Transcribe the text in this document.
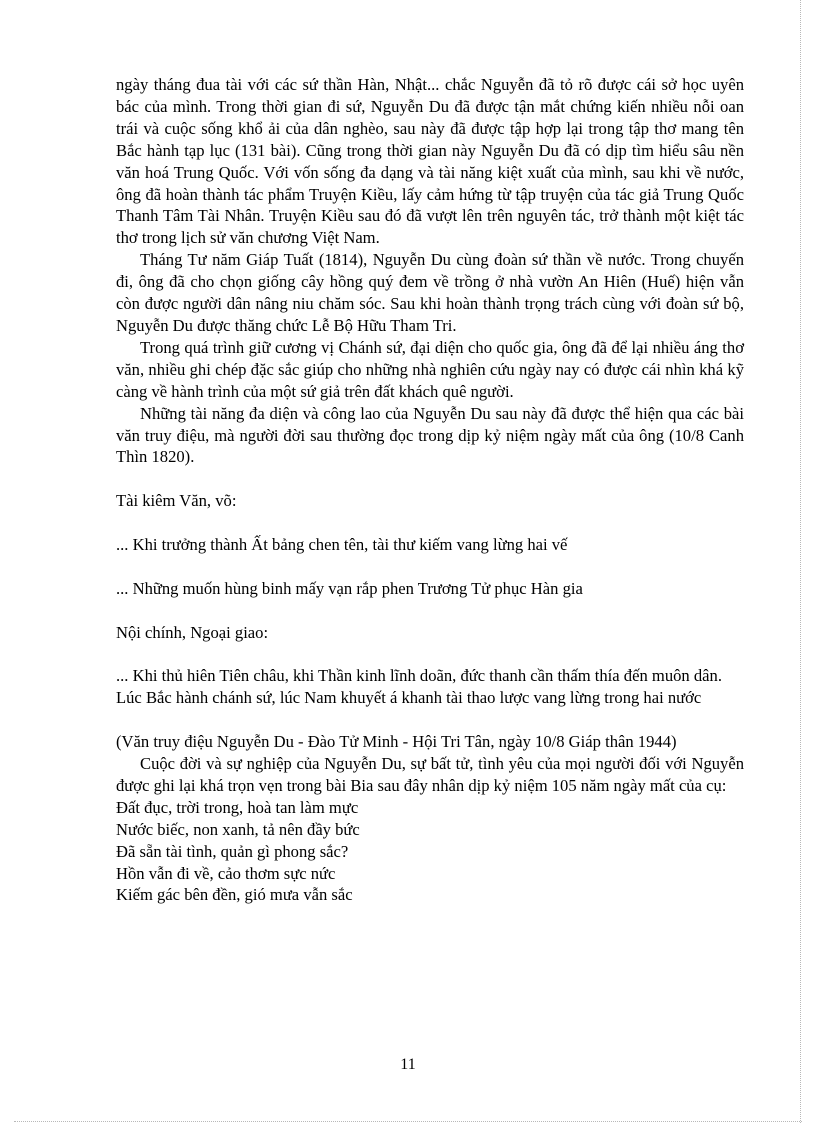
ngày tháng đua tài với các sứ thần Hàn, Nhật... chắc Nguyễn đã tỏ rõ được cái sở học uyên bác của mình. Trong thời gian đi sứ, Nguyễn Du đã được tận mắt chứng kiến nhiều nỗi oan trái và cuộc sống khổ ải của dân nghèo, sau này đã được tập hợp lại trong tập thơ mang tên Bắc hành tạp lục (131 bài). Cũng trong thời gian này Nguyễn Du đã có dịp tìm hiểu sâu nền văn hoá Trung Quốc. Với vốn sống đa dạng và tài năng kiệt xuất của mình, sau khi về nước, ông đã hoàn thành tác phẩm Truyện Kiều, lấy cảm hứng từ tập truyện của tác giả Trung Quốc Thanh Tâm Tài Nhân. Truyện Kiều sau đó đã vượt lên trên nguyên tác, trở thành một kiệt tác thơ trong lịch sử văn chương Việt Nam.

Tháng Tư năm Giáp Tuất (1814), Nguyễn Du cùng đoàn sứ thần về nước. Trong chuyến đi, ông đã cho chọn giống cây hồng quý đem về trồng ở nhà vườn An Hiên (Huế) hiện vẫn còn được người dân nâng niu chăm sóc. Sau khi hoàn thành trọng trách cùng với đoàn sứ bộ, Nguyễn Du được thăng chức Lễ Bộ Hữu Tham Tri.

Trong quá trình giữ cương vị Chánh sứ, đại diện cho quốc gia, ông đã để lại nhiều áng thơ văn, nhiều ghi chép đặc sắc giúp cho những nhà nghiên cứu ngày nay có được cái nhìn khá kỹ càng về hành trình của một sứ giả trên đất khách quê người.

Những tài năng đa diện và công lao của Nguyễn Du sau này đã được thể hiện qua các bài văn truy điệu, mà người đời sau thường đọc trong dịp kỷ niệm ngày mất của ông (10/8 Canh Thìn 1820).

Tài kiêm Văn, võ:

... Khi trưởng thành Ất bảng chen tên, tài thư kiếm vang lừng hai vế

... Những muốn hùng binh mấy vạn rắp phen Trương Tử phục Hàn gia

Nội chính, Ngoại giao:

... Khi thủ hiên Tiên châu, khi Thần kinh lĩnh doãn, đức thanh cần thấm thía đến muôn dân.

Lúc Bắc hành chánh sứ, lúc Nam khuyết á khanh tài thao lược vang lừng trong hai nước

(Văn truy điệu Nguyễn Du - Đào Tử Minh - Hội Tri Tân, ngày 10/8 Giáp thân 1944)

Cuộc đời và sự nghiệp của Nguyễn Du, sự bất tử, tình yêu của mọi người đối với Nguyễn được ghi lại khá trọn vẹn trong bài Bia sau đây nhân dịp kỷ niệm 105 năm ngày mất của cụ:

Đất đục, trời trong, hoà tan làm mực

Nước biếc, non xanh, tả nên đầy bức

Đã sẵn tài tình, quản gì phong sắc?

Hồn vẫn đi về, cảo thơm sực nức

Kiếm gác bên đền, gió mưa vẫn sắc

11
